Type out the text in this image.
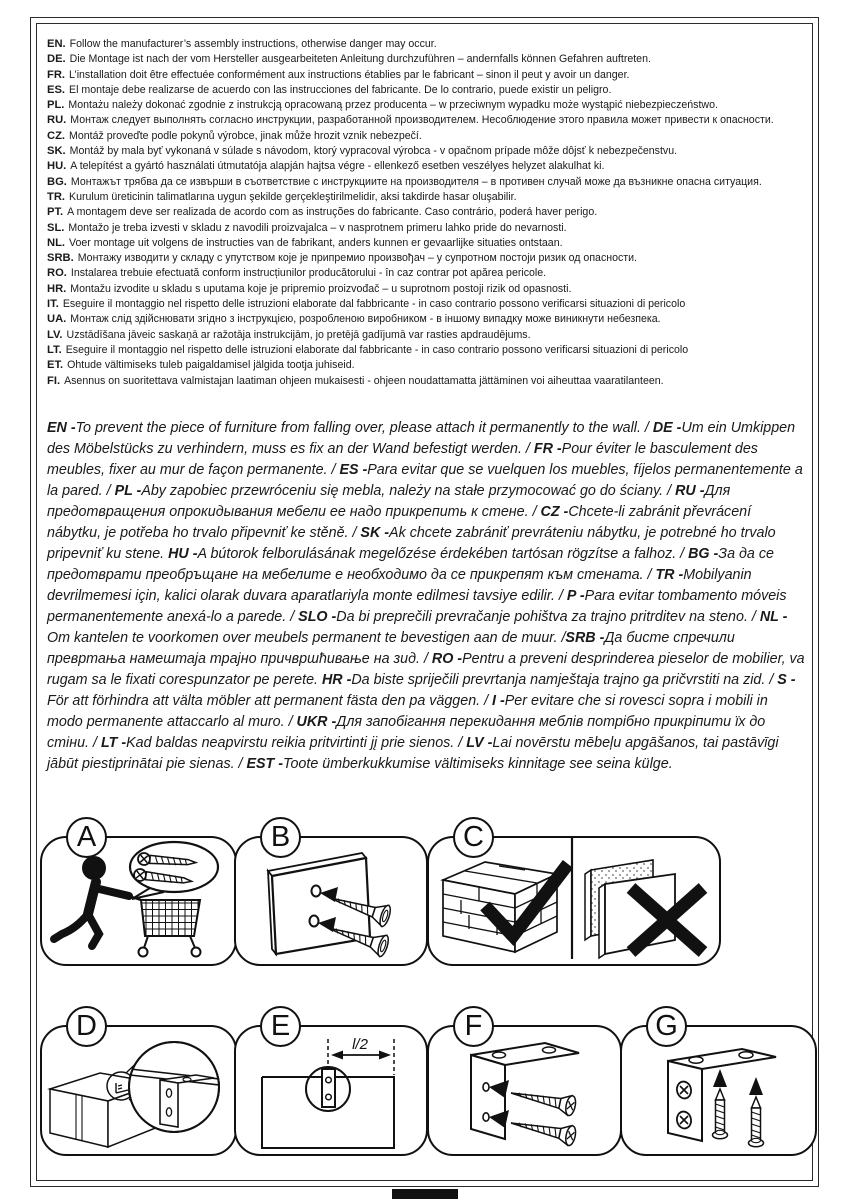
EN. Follow the manufacturer’s assembly instructions, otherwise danger may occur.
DE. Die Montage ist nach der vom Hersteller ausgearbeiteten Anleitung durchzuführen – andernfalls können Gefahren auftreten.
FR. L’installation doit être effectuée conformément aux instructions établies par le fabricant – sinon il peut y avoir un danger.
ES. El montaje debe realizarse de acuerdo con las instrucciones del fabricante. De lo contrario, puede existir un peligro.
PL. Montażu należy dokonać zgodnie z instrukcją opracowaną przez producenta – w przeciwnym wypadku może wystąpić niebezpieczeństwo.
RU. Монтаж следует выполнять согласно инструкции, разработанной производителем. Несоблюдение этого правила может привести к опасности.
CZ. Montáž proveďte podle pokynů výrobce, jinak může hrozit vznik nebezpečí.
SK. Montáž by mala byť vykonaná v súlade s návodom, ktorý vypracoval výrobca - v opačnom prípade môže dôjsť k nebezpečenstvu.
HU. A telepítést a gyártó használati útmutatója alapján hajtsa végre - ellenkező esetben veszélyes helyzet alakulhat ki.
BG. Монтажът трябва да се извърши в съответствие с инструкциите на производителя – в противен случай може да възникне опасна ситуация.
TR. Kurulum üreticinin talimatlarına uygun şekilde gerçekleştirilmelidir, aksi takdirde hasar oluşabilir.
PT. A montagem deve ser realizada de acordo com as instruções do fabricante. Caso contrário, poderá haver perigo.
SL. Montažo je treba izvesti v skladu z navodili proizvajalca – v nasprotnem primeru lahko pride do nevarnosti.
NL. Voer montage uit volgens de instructies van de fabrikant, anders kunnen er gevaarlijke situaties ontstaan.
SRB. Монтажу изводити у складу с упутством које је припремио произвођач – у супротном постоји ризик од опасности.
RO. Instalarea trebuie efectuată conform instrucțiunilor producătorului - în caz contrar pot apărea pericole.
HR. Montažu izvodite u skladu s uputama koje je pripremio proizvođač – u suprotnom postoji rizik od opasnosti.
IT. Eseguire il montaggio nel rispetto delle istruzioni elaborate dal fabbricante - in caso contrario possono verificarsi situazioni di pericolo
UA. Монтаж слід здійснювати згідно з інструкцією, розробленою виробником - в іншому випадку може виникнути небезпека.
LV. Uzstādīšana jāveic saskaņā ar ražotāja instrukcijām, jo pretējā gadījumā var rasties apdraudējums.
LT. Eseguire il montaggio nel rispetto delle istruzioni elaborate dal fabbricante - in caso contrario possono verificarsi situazioni di pericolo
ET. Ohtude vältimiseks tuleb paigaldamisel jälgida tootja juhiseid.
FI. Asennus on suoritettava valmistajan laatiman ohjeen mukaisesti - ohjeen noudattamatta jättäminen voi aiheuttaa vaaratilanteen.
EN -To prevent the piece of furniture from falling over, please attach it permanently to the wall. / DE -Um ein Umkippen des Möbelstücks zu verhindern, muss es fix an der Wand befestigt werden. / FR -Pour éviter le basculement des meubles, fixer au mur de façon permanente. / ES -Para evitar que se vuelquen los muebles, fíjelos permanentemente a la pared. / PL -Aby zapobiec przewróceniu się mebla, należy na stałe przymocować go do ściany. / RU -Для предотвращения опрокидывания мебели ее надо прикрепить к стене. / CZ -Chcete-li zabránit převrácení nábytku, je potřeba ho trvalo připevniť ke stěně. / SK -Ak chcete zabrániť prevráteniu nábytku, je potrebné ho trvalo pripevniť ku stene. HU -A bútorok felborulásának megelőzése érdekében tartósan rögzítse a falhoz. / BG -За да се предотврати преобръщане на мебелите е необходимо да се прикрепят към стената. / TR -Mobilyanin devrilmemesi için, kalici olarak duvara aparatlariyla monte edilmesi tavsiye edilir. / P -Para evitar tombamento móveis permanentemente anexá-lo a parede. / SLO -Da bi preprečili prevračanje pohištva za trajno pritrditev na steno. / NL - Om kantelen te voorkomen over meubels permanent te bevestigen aan de muur. /SRB -Да бисте спречили превртања намештаја трајно причвршћивање на зид. / RO -Pentru a preveni desprinderea pieselor de mobilier, va rugam sa le fixati corespunzator pe perete. HR -Da biste spriječili prevrtanja namještaja trajno ga pričvrstiti na zid. / S -För att förhindra att välta möbler att permanent fästa den pa väggen. / I -Per evitare che si rovesci sopra i mobili in modo permanente attaccarlo al muro. / UKR -Для запобігання перекидання меблів потрібно прикріпити їх до стіни. / LT -Kad baldas neapvirstu reikia pritvirtinti jį prie sienos. / LV -Lai novērstu mēbeļu apgāšanos, tai pastāvīgi jābūt piestiprinātai pie sienas. / EST -Toote ümberkukkumise vältimiseks kinnitage see seina külge.
A	B	C
D	E
l/2
F	G
